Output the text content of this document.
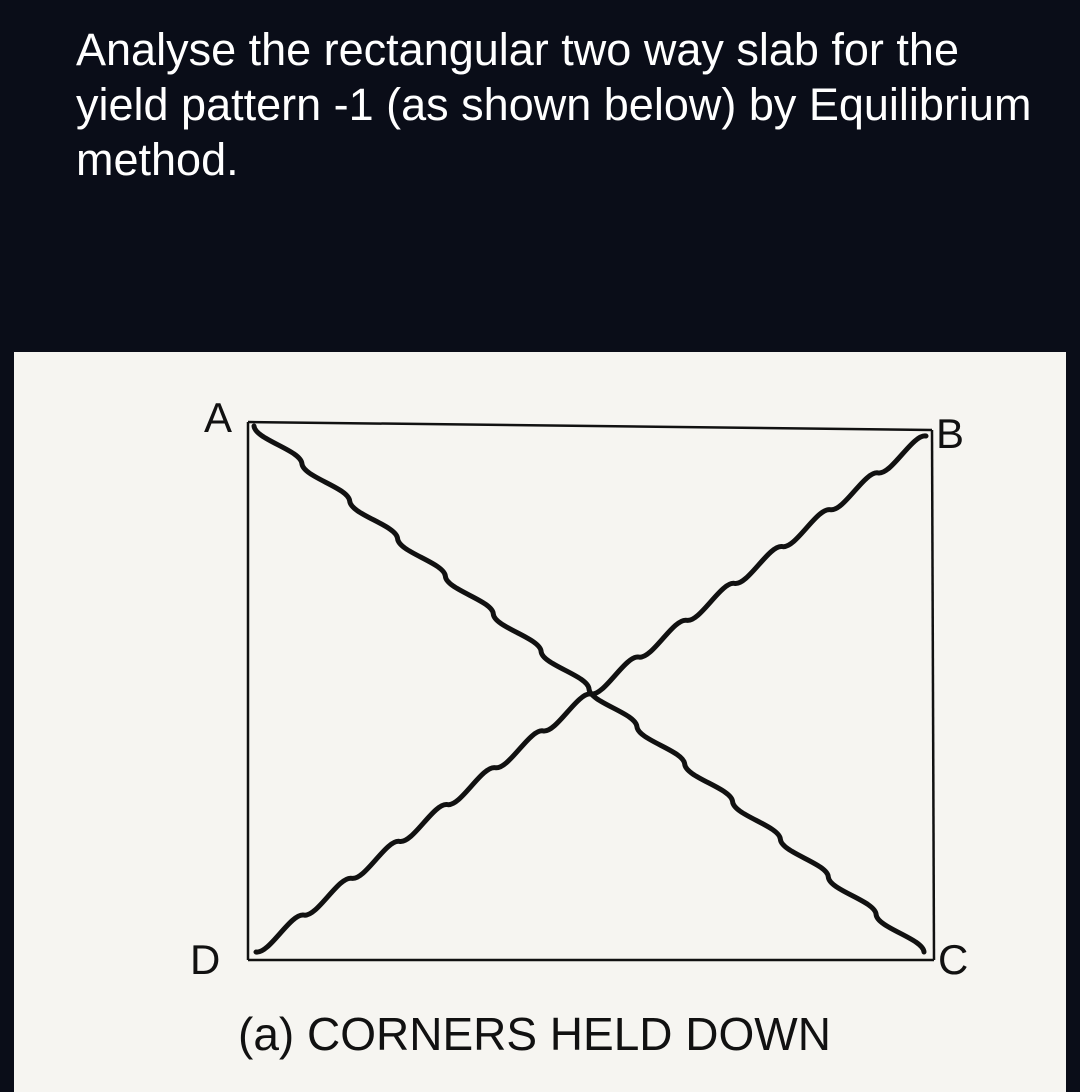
Analyse the rectangular two way slab for the yield pattern -1 (as shown below) by Equilibrium method.

A	B
C
D
(a) CORNERS HELD DOWN
